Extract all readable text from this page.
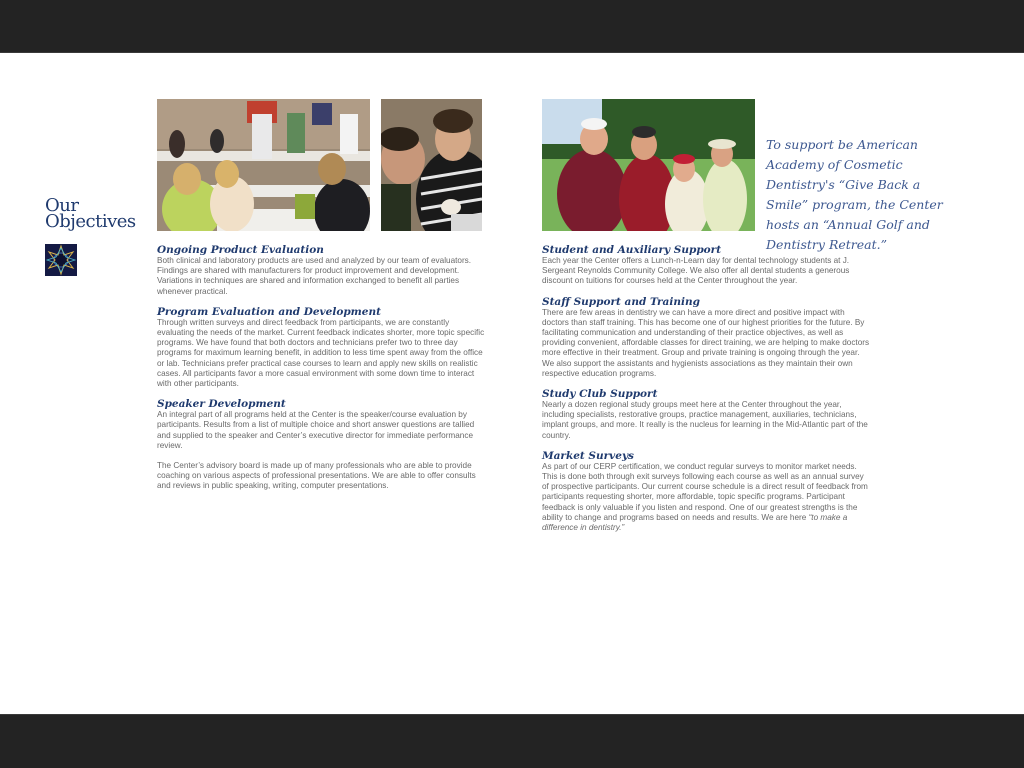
Our
Objectives
To support be American Academy of Cosmetic Dentistry's “Give Back a Smile” program, the Center hosts an “Annual Golf and Dentistry Retreat.”
Ongoing Product Evaluation

Both clinical and laboratory products are used and analyzed by our team of evaluators. Findings are shared with manufacturers for product improvement and development. Variations in techniques are shared and information exchanged to benefit all parties whenever practical.

Program Evaluation and Development

Through written surveys and direct feedback from participants, we are constantly evaluating the needs of the market. Current feedback indicates shorter, more topic specific programs. We have found that both doctors and technicians prefer two to three day programs for maximum learning benefit, in addition to less time spent away from the office or lab. Technicians prefer practical case courses to learn and apply new skills on realistic cases. All participants favor a more casual environment with some down time to interact with other participants.

Speaker Development

An integral part of all programs held at the Center is the speaker/course evaluation by participants. Results from a list of multiple choice and short answer questions are tallied and supplied to the speaker and Center’s executive director for immediate performance review.

The Center’s advisory board is made up of many professionals who are able to provide coaching on various aspects of professional presentations. We are able to offer consults and reviews in public speaking, writing, computer presentations.

Student and Auxiliary Support

Each year the Center offers a Lunch-n-Learn day for dental technology students at J. Sergeant Reynolds Community College. We also offer all dental students a generous discount on tuitions for courses held at the Center throughout the year.

Staff Support and Training

There are few areas in dentistry we can have a more direct and positive impact with doctors than staff training. This has become one of our highest priorities for the future. By facilitating communication and understanding of their practice objectives, as well as providing convenient, affordable classes for direct training, we are helping to make doctors more effective in their treatment. Group and private training is ongoing through the year. We also support the assistants and hygienists associations as they maintain their own respective education programs.

Study Club Support

Nearly a dozen regional study groups meet here at the Center throughout the year, including specialists, restorative groups, practice management, auxiliaries, technicians, implant groups, and more. It really is the nucleus for learning in the Mid-Atlantic part of the country.

Market Surveys

As part of our CERP certification, we conduct regular surveys to monitor market needs. This is done both through exit surveys following each course as well as an annual survey of prospective participants. Our current course schedule is a direct result of feedback from participants requesting shorter, more affordable, topic specific programs. Participant feedback is only valuable if you listen and respond. One of our greatest strengths is the ability to change and programs based on needs and results. We are here “to make a difference in dentistry.”
